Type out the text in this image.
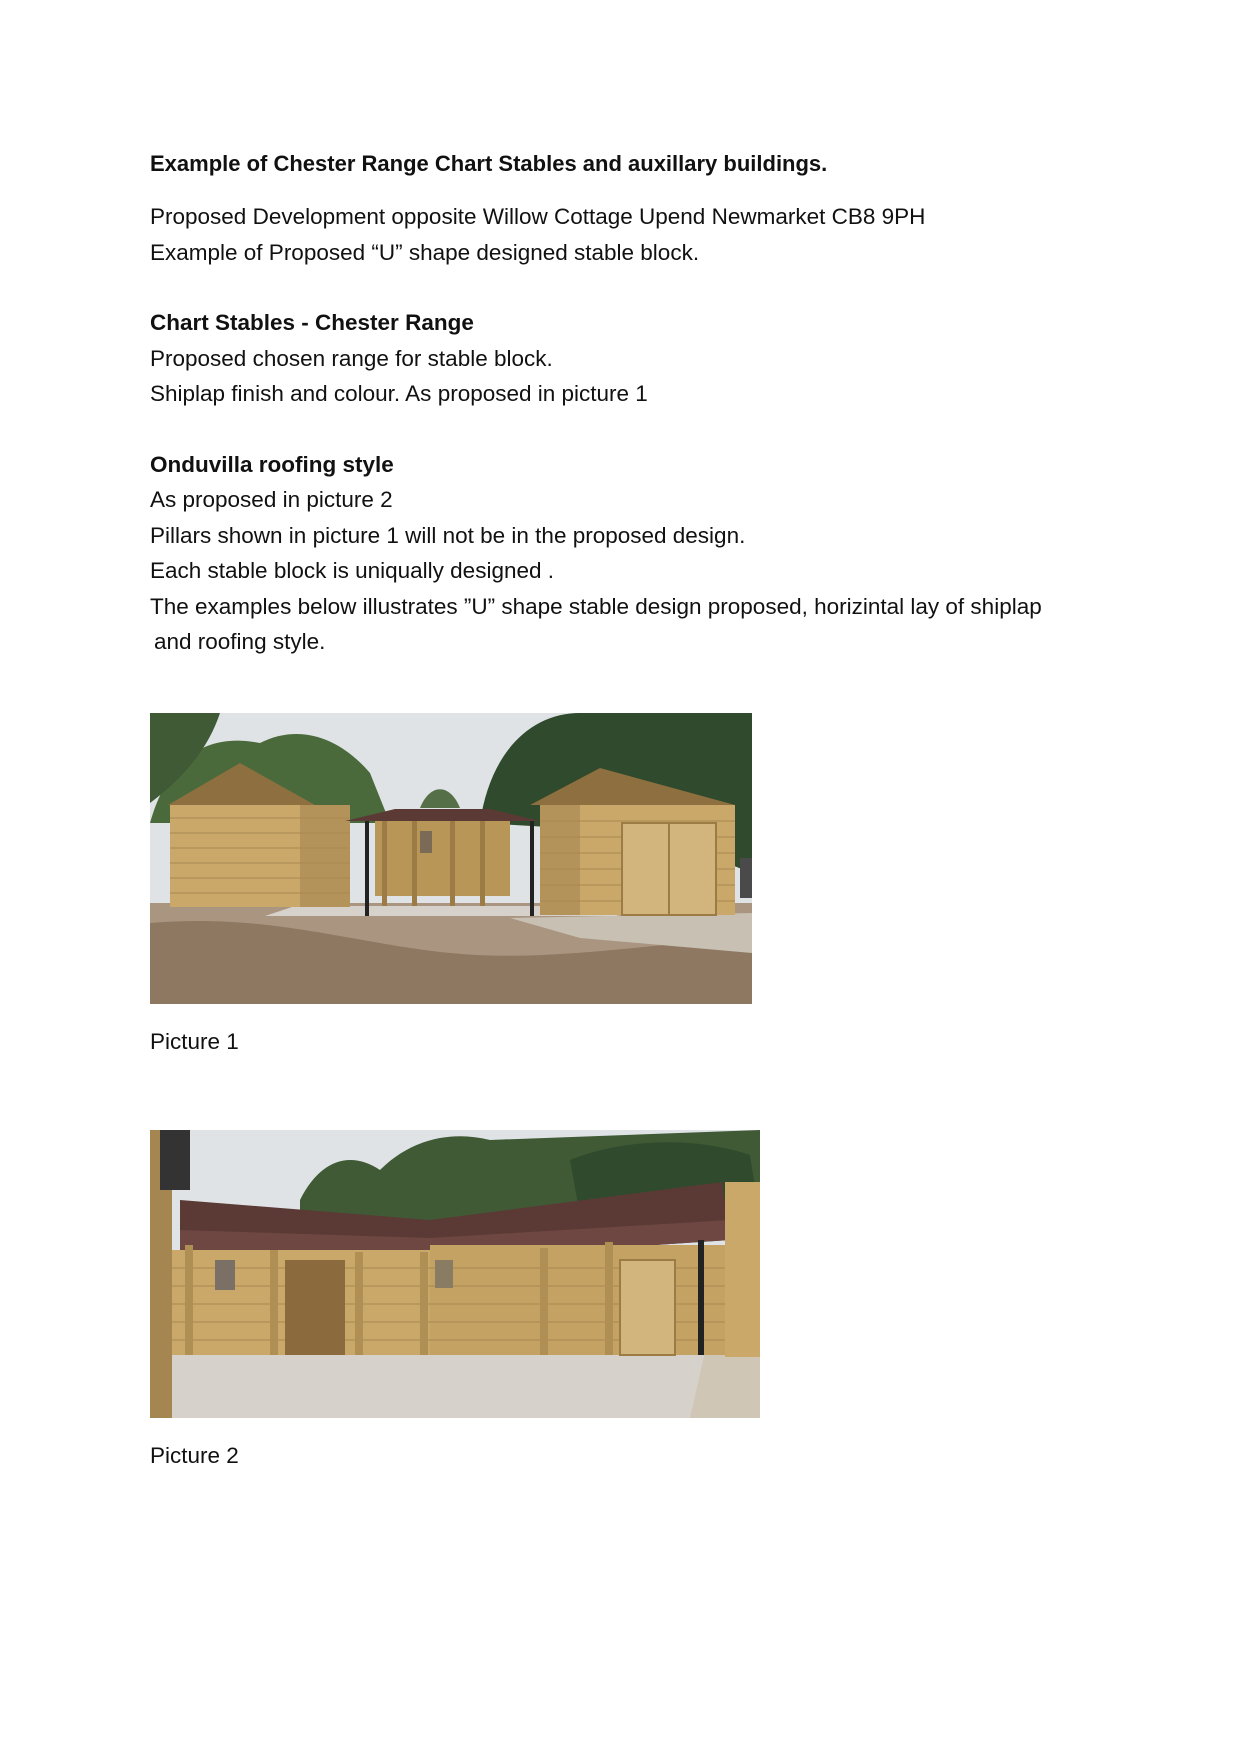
Example of Chester Range Chart Stables and auxillary buildings.

Proposed Development opposite Willow Cottage Upend Newmarket CB8 9PH

Example of Proposed “U” shape designed stable block.

Chart Stables - Chester Range

Proposed chosen range for stable block.

Shiplap finish and colour. As proposed in picture 1

Onduvilla roofing style

As proposed in picture 2

Pillars shown in picture 1 will not be in the proposed design.

Each stable block is uniqually designed .

The examples below illustrates ”U” shape stable design proposed, horizintal lay of shiplap

and roofing style.

Picture 1
Picture 2
